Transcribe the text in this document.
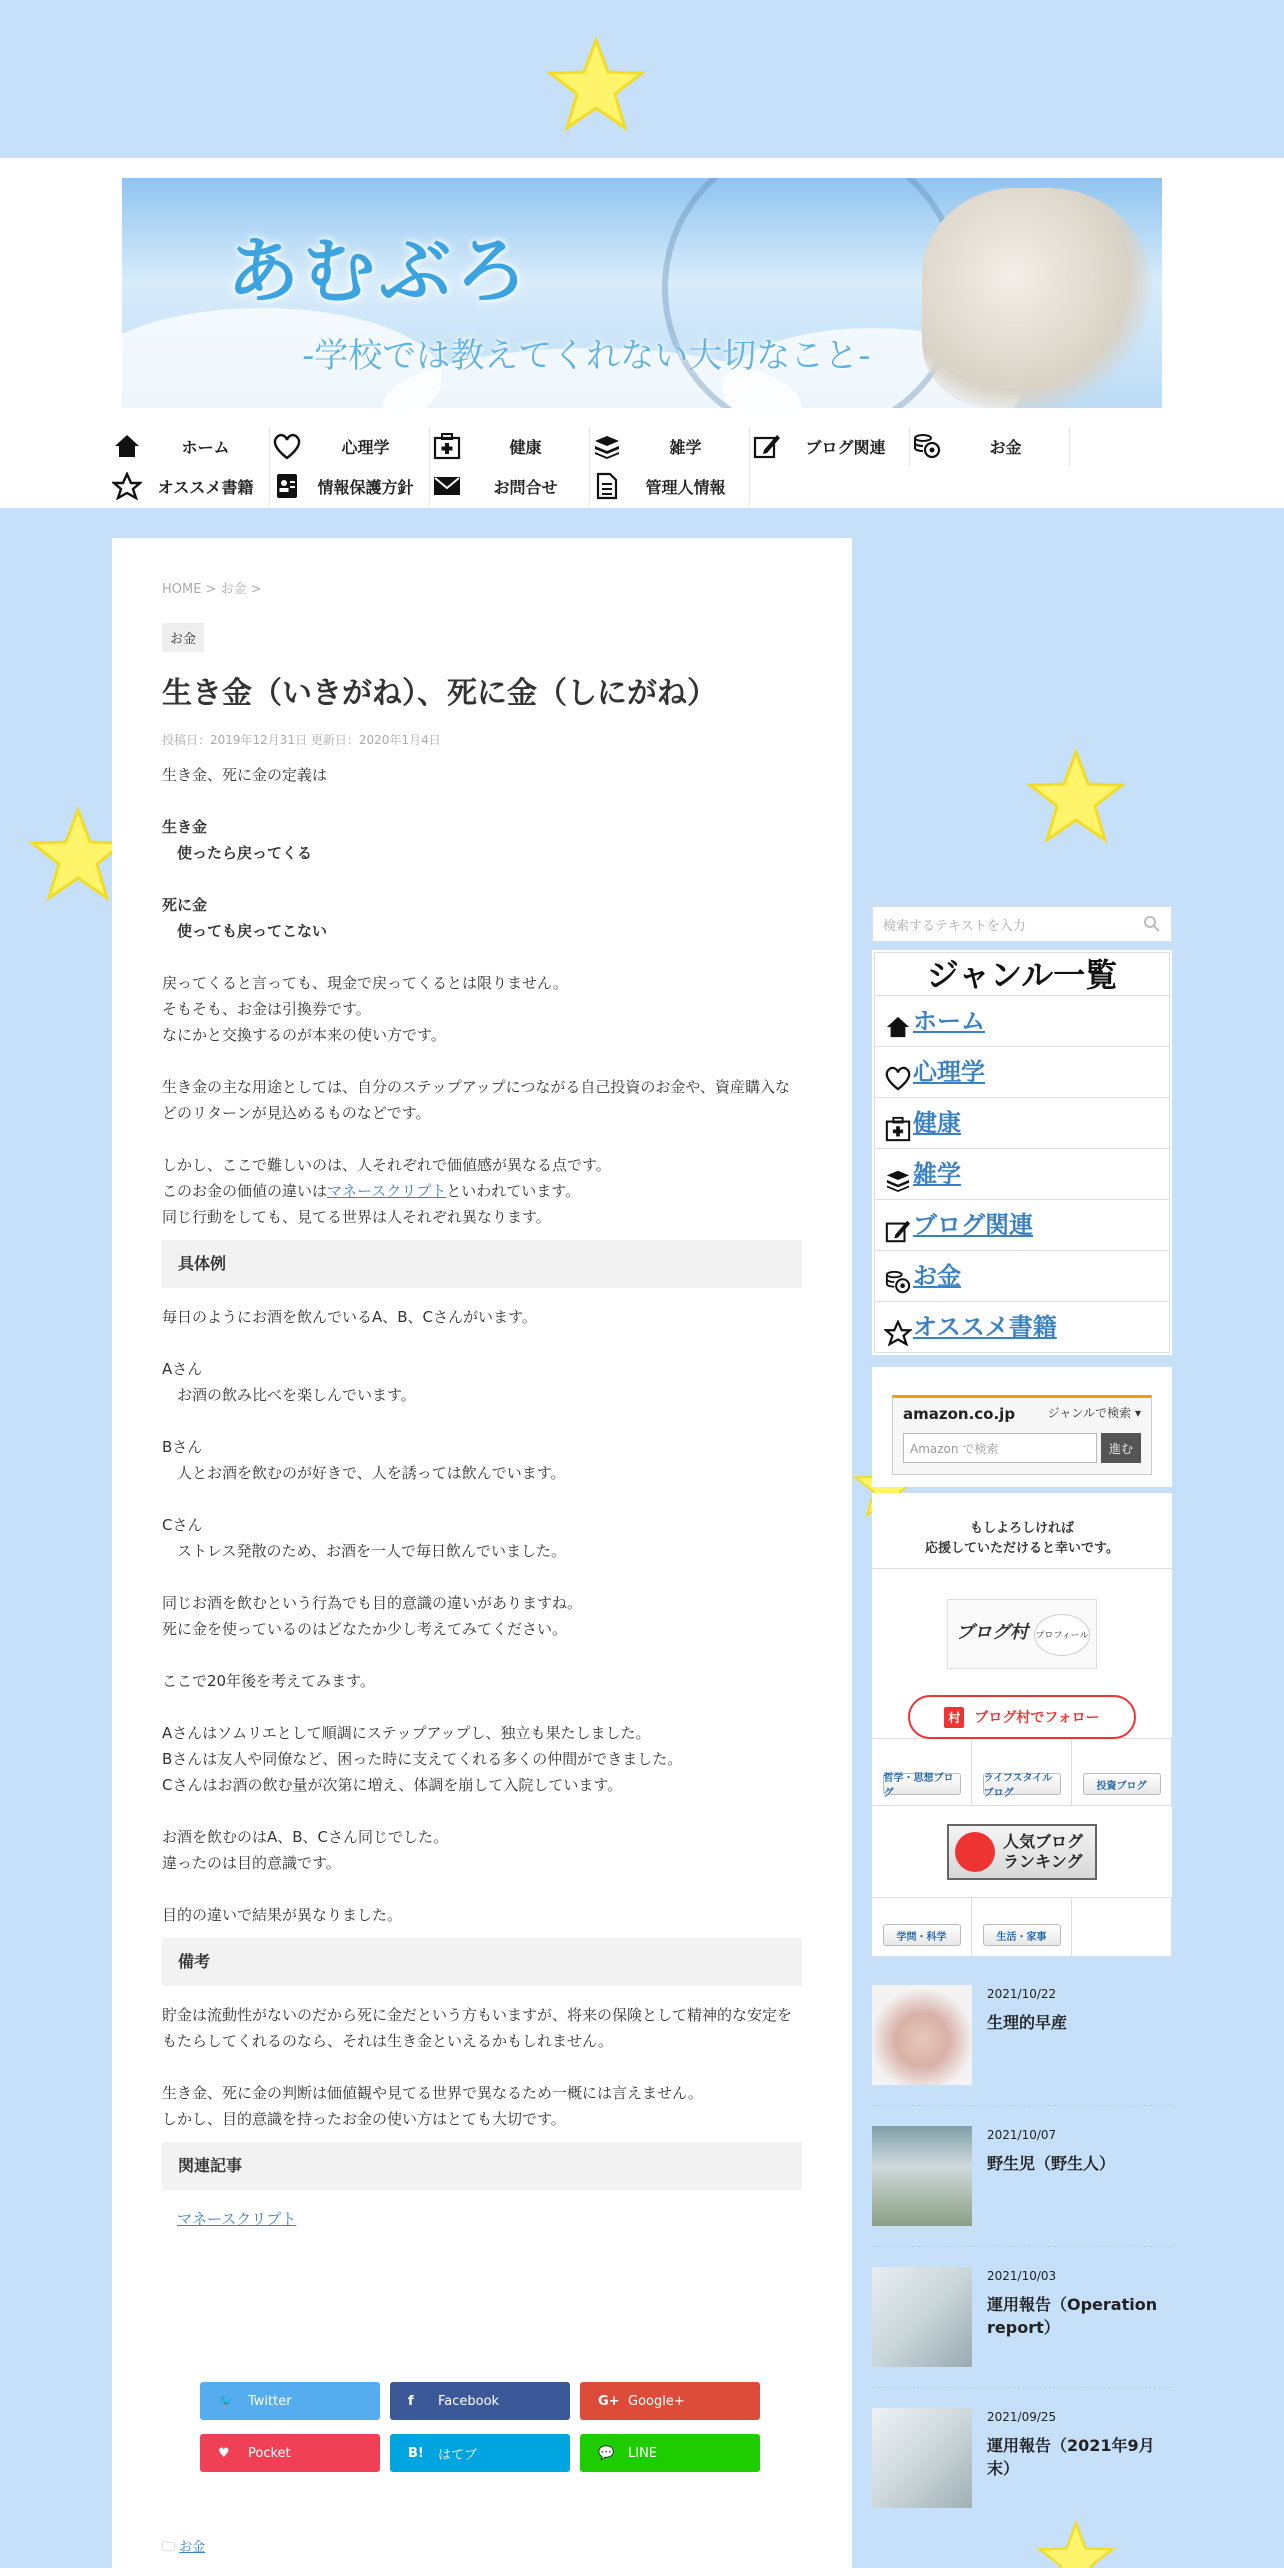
あむぶろ
-学校では教えてくれない大切なこと-
ホーム	心理学	健康	雑学	ブログ関連	お金
オススメ書籍	情報保護方針	お問合せ	管理人情報
HOME > お金 >
お金
生き金（いきがね）、死に金（しにがね）
投稿日：2019年12月31日 更新日：2020年1月4日

生き金、死に金の定義は

生き金

使ったら戻ってくる

死に金

使っても戻ってこない

戻ってくると言っても、現金で戻ってくるとは限りません。

そもそも、お金は引換券です。

なにかと交換するのが本来の使い方です。

生き金の主な用途としては、自分のステップアップにつながる自己投資のお金や、資産購入などのリターンが見込めるものなどです。

しかし、ここで難しいのは、人それぞれで価値感が異なる点です。

このお金の価値の違いはマネースクリプトといわれています。

同じ行動をしても、見てる世界は人それぞれ異なります。

具体例

毎日のようにお酒を飲んでいるA、B、Cさんがいます。

Aさん

お酒の飲み比べを楽しんでいます。

Bさん

人とお酒を飲むのが好きで、人を誘っては飲んでいます。

Cさん

ストレス発散のため、お酒を一人で毎日飲んでいました。

同じお酒を飲むという行為でも目的意識の違いがありますね。

死に金を使っているのはどなたか少し考えてみてください。

ここで20年後を考えてみます。

Aさんはソムリエとして順調にステップアップし、独立も果たしました。

Bさんは友人や同僚など、困った時に支えてくれる多くの仲間ができました。

Cさんはお酒の飲む量が次第に増え、体調を崩して入院しています。

お酒を飲むのはA、B、Cさん同じでした。

違ったのは目的意識です。

目的の違いで結果が異なりました。

備考

貯金は流動性がないのだから死に金だという方もいますが、将来の保険として精神的な安定をもたらしてくれるのなら、それは生き金といえるかもしれません。

生き金、死に金の判断は価値観や見てる世界で異なるため一概には言えません。

しかし、目的意識を持ったお金の使い方はとても大切です。

関連記事

マネースクリプト

🐦	Twitter	f	Facebook	G+ Google+
♥	Pocket	B!	はてブ	💬	LINE
🗀 お金
検索するテキストを入力
ジャンル一覧
ホーム
心理学
健康
雑学
ブログ関連
お金
オススメ書籍
amazon.co.jp	ジャンルで検索 ▾
Amazon で検索	進む
もしよろしければ
応援していただけると幸いです。
ブログ村 プロフィール
村 ブログ村でフォロー
哲学・思想ブログ
ライフスタイルブログ
投資ブログ
人気ブログ
ランキング
学問・科学	生活・家事
2021/10/22
生理的早産
2021/10/07
野生児（野生人）
2021/10/03
運用報告（Operation report）
2021/09/25
運用報告（2021年9月末）
